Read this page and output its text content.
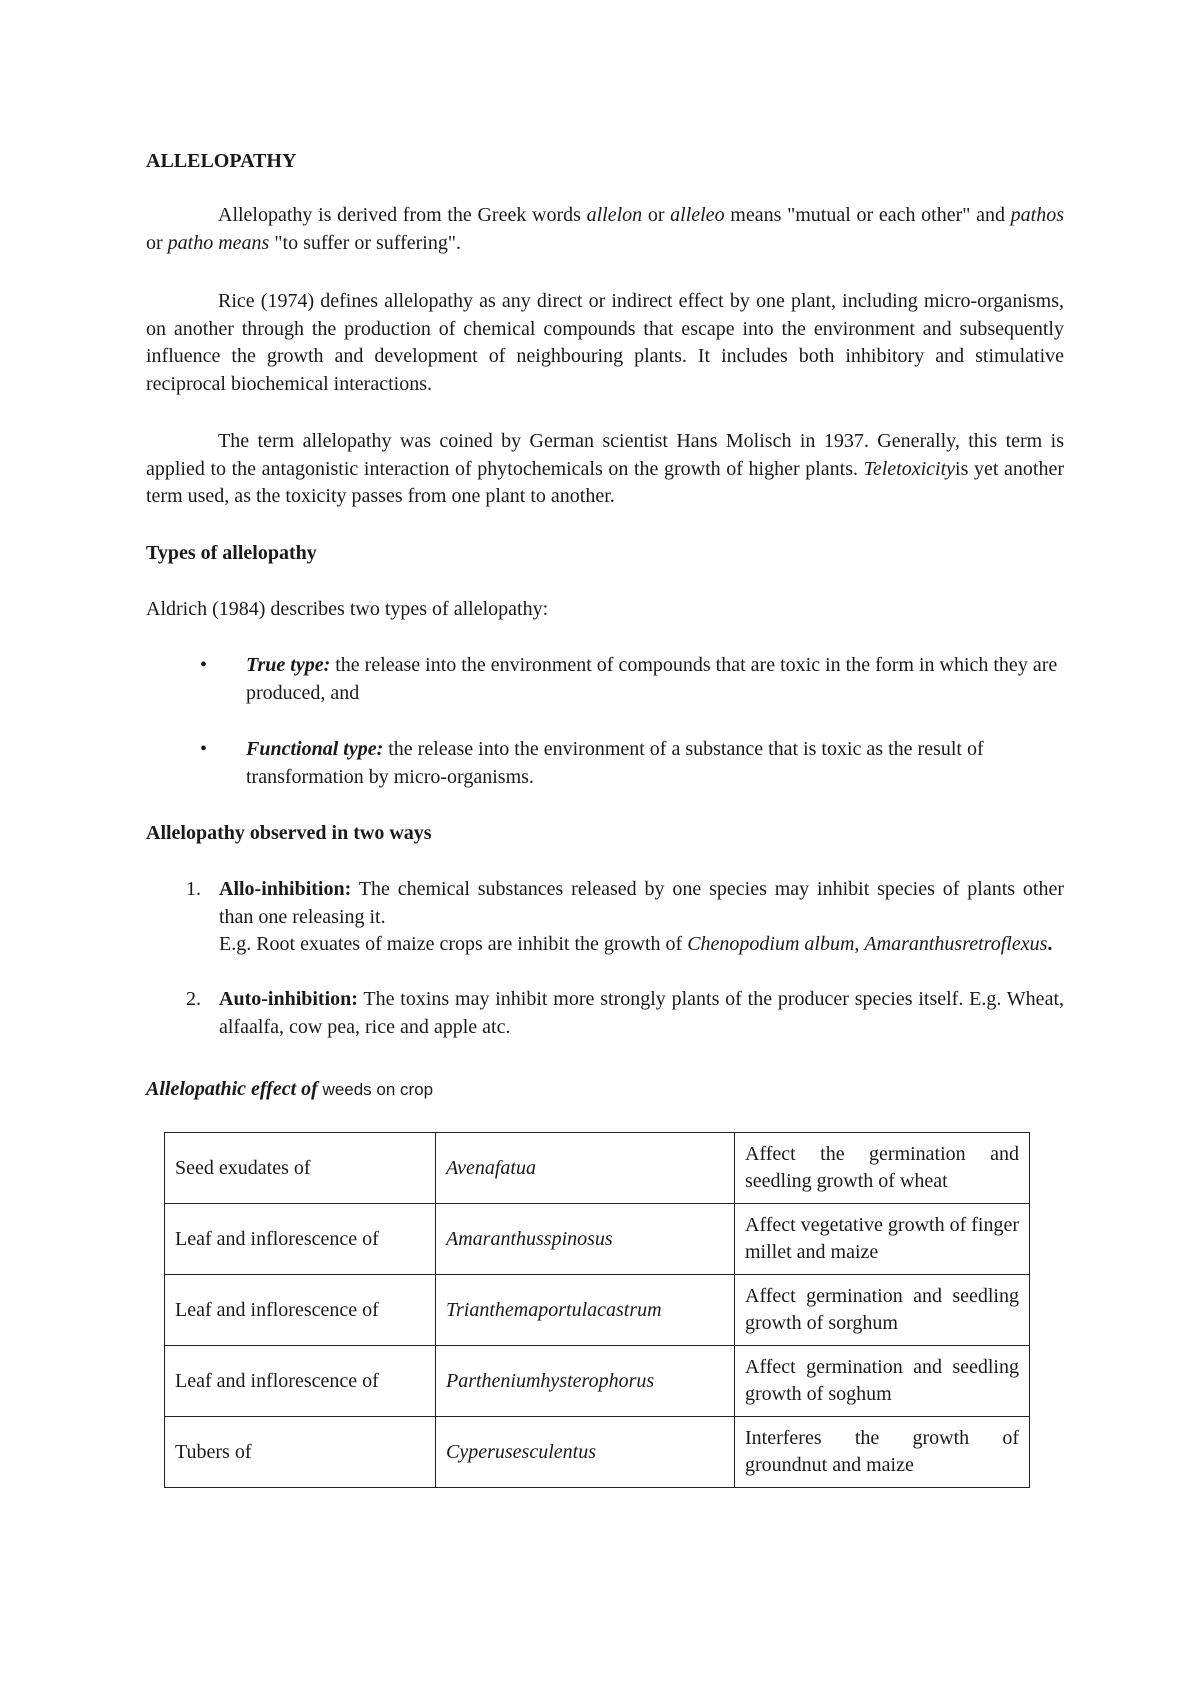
ALLELOPATHY

Allelopathy is derived from the Greek words allelon or alleleo means "mutual or each other" and pathos or patho means "to suffer or suffering".

Rice (1974) defines allelopathy as any direct or indirect effect by one plant, including micro-organisms, on another through the production of chemical compounds that escape into the environment and subsequently influence the growth and development of neighbouring plants. It includes both inhibitory and stimulative reciprocal biochemical interactions.

The term allelopathy was coined by German scientist Hans Molisch in 1937. Generally, this term is applied to the antagonistic interaction of phytochemicals on the growth of higher plants. Teletoxicityis yet another term used, as the toxicity passes from one plant to another.

Types of allelopathy
Aldrich (1984) describes two types of allelopathy:
• True type: the release into the environment of compounds that are toxic in the form in which they are produced, and
• Functional type: the release into the environment of a substance that is toxic as the result of transformation by micro-organisms.
Allelopathy observed in two ways
1. Allo-inhibition: The chemical substances released by one species may inhibit species of plants other than one releasing it.

E.g. Root exuates of maize crops are inhibit the growth of Chenopodium album, Amaranthusretroflexus.

2. Auto-inhibition: The toxins may inhibit more strongly plants of the producer species itself. E.g. Wheat, alfaalfa, cow pea, rice and apple atc.

Allelopathic effect of weeds on crop
Seed exudates of	Avenafatua	Affect the germination and seedling growth of wheat
Leaf and inflorescence of	Amaranthusspinosus	Affect vegetative growth of finger millet and maize
Leaf and inflorescence of	Trianthemaportulacastrum	Affect germination and seedling growth of sorghum
Leaf and inflorescence of	Partheniumhysterophorus	Affect germination and seedling growth of soghum
Tubers of	Cyperusesculentus	Interferes the growth of groundnut and maize
